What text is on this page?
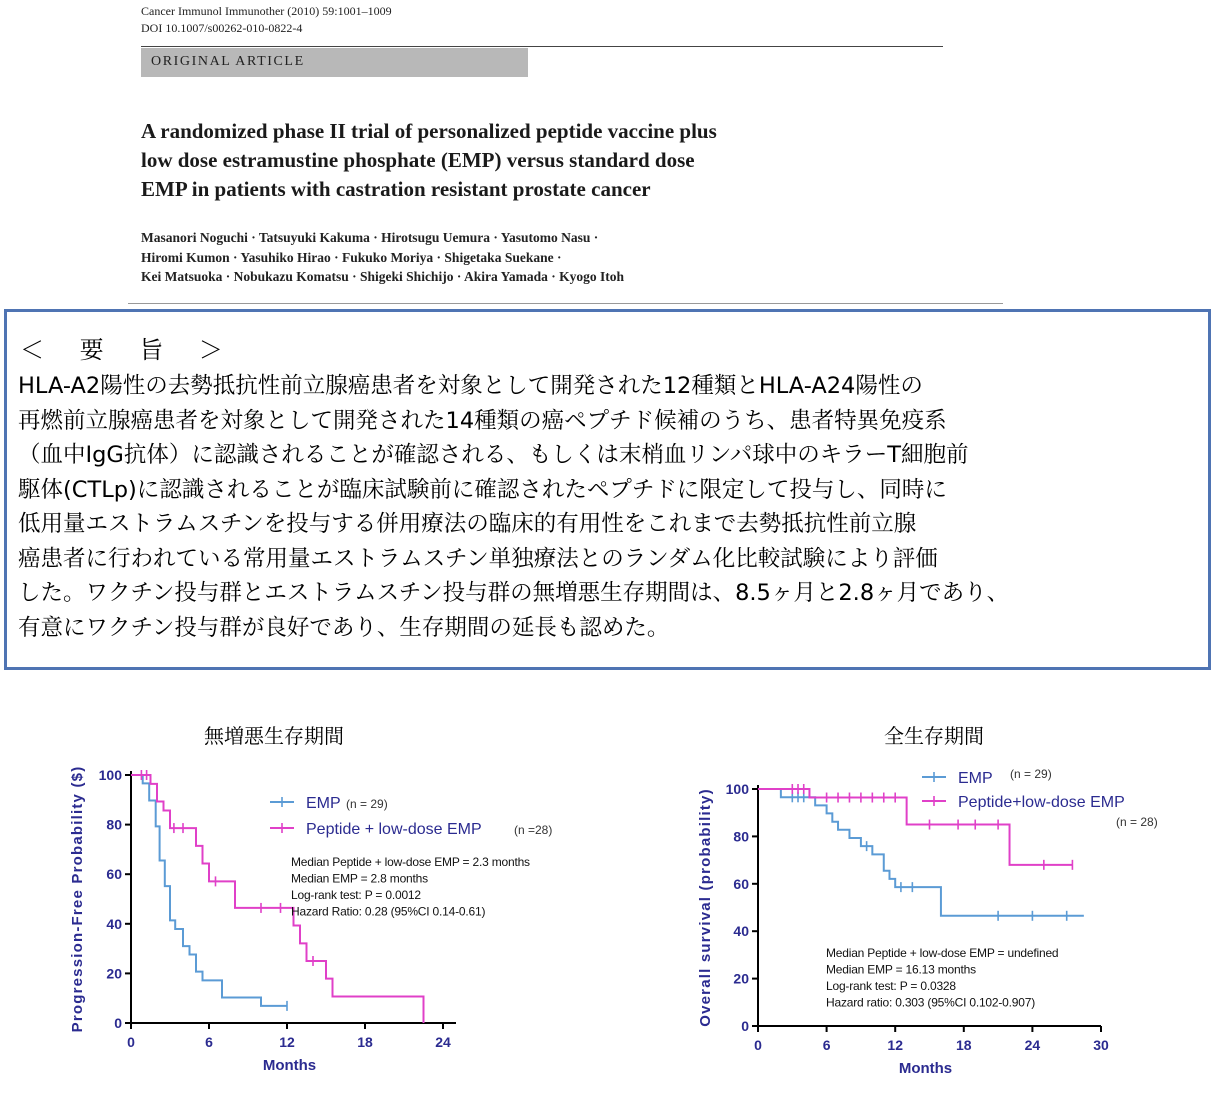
Cancer Immunol Immunother (2010) 59:1001–1009
DOI 10.1007/s00262-010-0822-4
ORIGINAL ARTICLE
A randomized phase II trial of personalized peptide vaccine plus
low dose estramustine phosphate (EMP) versus standard dose
EMP in patients with castration resistant prostate cancer
Masanori Noguchi · Tatsuyuki Kakuma · Hirotsugu Uemura · Yasutomo Nasu ·
Hiromi Kumon · Yasuhiko Hirao · Fukuko Moriya · Shigetaka Suekane ·
Kei Matsuoka · Nobukazu Komatsu · Shigeki Shichijo · Akira Yamada · Kyogo Itoh
＜ 要 旨 ＞
HLA-A2陽性の去勢抵抗性前立腺癌患者を対象として開発された12種類とHLA-A24陽性の
再燃前立腺癌患者を対象として開発された14種類の癌ペプチド候補のうち、患者特異免疫系
（血中IgG抗体）に認識されることが確認される、もしくは末梢血リンパ球中のキラーT細胞前
駆体(CTLp)に認識されることが臨床試験前に確認されたペプチドに限定して投与し、同時に
低用量エストラムスチンを投与する併用療法の臨床的有用性をこれまで去勢抵抗性前立腺
癌患者に行われている常用量エストラムスチン単独療法とのランダム化比較試験により評価
した。ワクチン投与群とエストラムスチン投与群の無増悪生存期間は、8.5ヶ月と2.8ヶ月であり、
有意にワクチン投与群が良好であり、生存期間の延長も認めた。
無増悪生存期間	全生存期間
0
20
40
60
80
100
0	6	12	18	24
Months
Progression-Free Probability ($)	EMP (n = 29)
Peptide + low-dose EMP	(n =28)
Median Peptide + low-dose EMP = 2.3 months
Median EMP = 2.8 months
Log-rank test: P = 0.0012
Hazard Ratio: 0.28 (95%CI 0.14-0.61)
0
20
40
60
80
100
0	6	12	18	24	30
Months
Overall survival (probability)
EMP (n = 29)
Peptide+low-dose EMP
(n = 28)
Median Peptide + low-dose EMP = undefined
Median EMP = 16.13 months
Log-rank test: P = 0.0328
Hazard ratio: 0.303 (95%CI 0.102-0.907)
